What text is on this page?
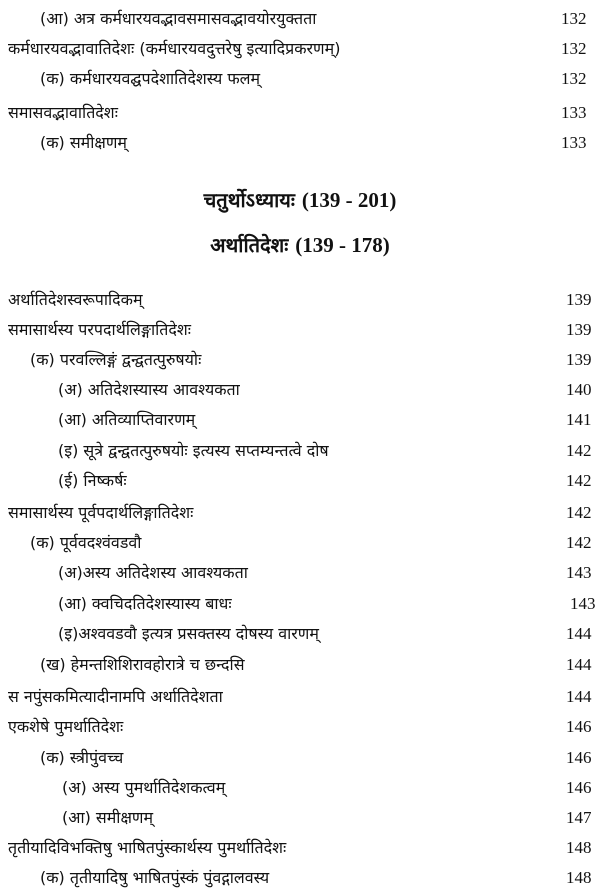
(आ) अत्र कर्मधारयवद्भावसमासवद्भावयोरयुक्तता	132
कर्मधारयवद्भावातिदेशः (कर्मधारयवदुत्तरेषु इत्यादिप्रकरणम्)	132
(क) कर्मधारयवद्घपदेशातिदेशस्य फलम्	132
समासवद्भावातिदेशः	133
(क) समीक्षणम्	133
चतुर्थोऽध्यायः (139 - 201)
अर्थातिदेशः (139 - 178)
अर्थातिदेशस्वरूपादिकम्	139
समासार्थस्य परपदार्थलिङ्गातिदेशः	139
(क) परवल्लिङ्गं द्वन्द्वतत्पुरुषयोः	139
(अ) अतिदेशस्यास्य आवश्यकता	140
(आ) अतिव्याप्तिवारणम्	141
(इ) सूत्रे द्वन्द्वतत्पुरुषयोः इत्यस्य सप्तम्यन्तत्वे दोष	142
(ई) निष्कर्षः	142
समासार्थस्य पूर्वपदार्थलिङ्गातिदेशः	142
(क) पूर्ववदश्वंवडवौ	142
(अ)अस्य अतिदेशस्य आवश्यकता	143
(आ) क्वचिदतिदेशस्यास्य बाधः	143
(इ)अश्ववडवौ इत्यत्र प्रसक्तस्य दोषस्य वारणम्	144
(ख) हेमन्तशिशिरावहोरात्रे च छन्दसि	144
स नपुंसकमित्यादीनामपि अर्थातिदेशता	144
एकशेषे पुमर्थातिदेशः	146
(क) स्त्रीपुंवच्च	146
(अ) अस्य पुमर्थातिदेशकत्वम्	146
(आ) समीक्षणम्	147
तृतीयादिविभक्तिषु भाषितपुंस्कार्थस्य पुमर्थातिदेशः	148
(क) तृतीयादिषु भाषितपुंस्कं पुंवद्गालवस्य	148
